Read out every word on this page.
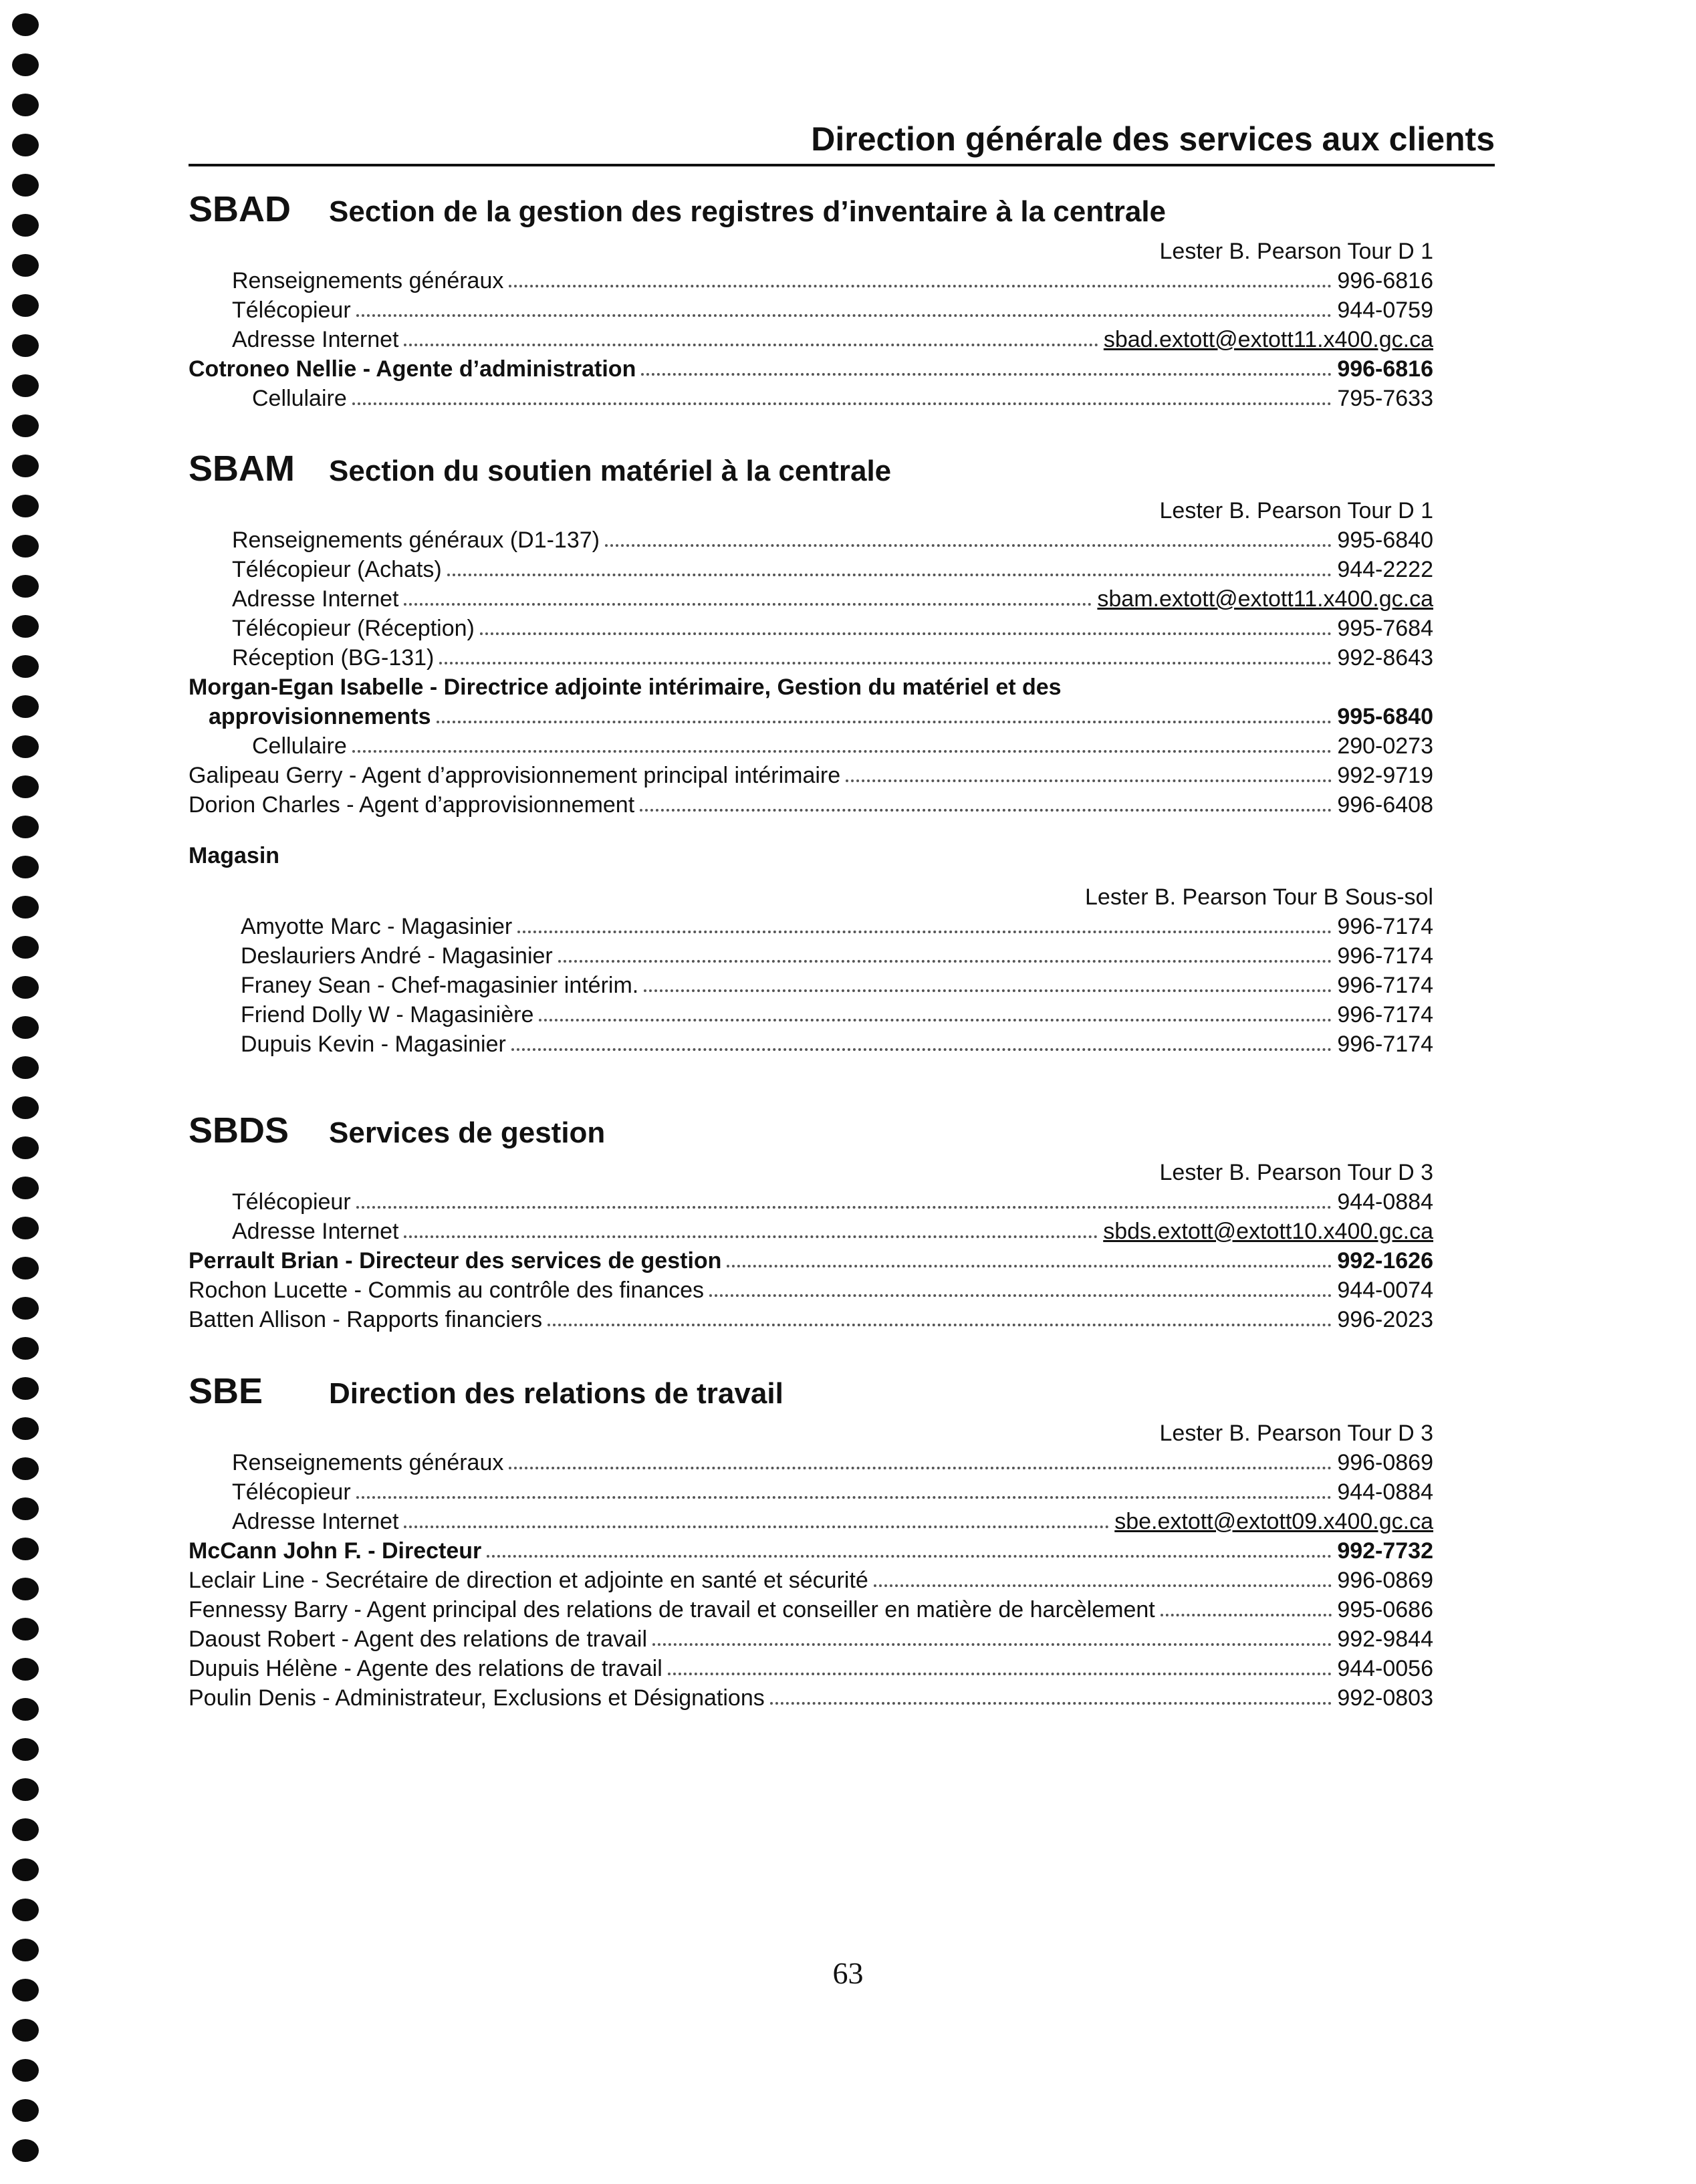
Direction générale des services aux clients
SBAD	Section de la gestion des registres d’inventaire à la centrale
Lester B. Pearson Tour D 1
Renseignements généraux	996-6816
Télécopieur	944-0759
Adresse Internet	sbad.extott@extott11.x400.gc.ca
Cotroneo Nellie - Agente d’administration	996-6816
Cellulaire	795-7633
SBAM	Section du soutien matériel à la centrale
Lester B. Pearson Tour D 1
Renseignements généraux (D1-137)	995-6840
Télécopieur (Achats)	944-2222
Adresse Internet	sbam.extott@extott11.x400.gc.ca
Télécopieur (Réception)	995-7684
Réception (BG-131)	992-8643
Morgan-Egan Isabelle - Directrice adjointe intérimaire, Gestion du matériel et des
approvisionnements	995-6840
Cellulaire	290-0273
Galipeau Gerry - Agent d’approvisionnement principal intérimaire	992-9719
Dorion Charles - Agent d’approvisionnement	996-6408
Magasin
Lester B. Pearson Tour B Sous-sol
Amyotte Marc - Magasinier	996-7174
Deslauriers André - Magasinier	996-7174
Franey Sean - Chef-magasinier intérim.	996-7174
Friend Dolly W - Magasinière	996-7174
Dupuis Kevin - Magasinier	996-7174
SBDS	Services de gestion
Lester B. Pearson Tour D 3
Télécopieur	944-0884
Adresse Internet	sbds.extott@extott10.x400.gc.ca
Perrault Brian - Directeur des services de gestion	992-1626
Rochon Lucette - Commis au contrôle des finances	944-0074
Batten Allison - Rapports financiers	996-2023
SBE	Direction des relations de travail
Lester B. Pearson Tour D 3
Renseignements généraux	996-0869
Télécopieur	944-0884
Adresse Internet	sbe.extott@extott09.x400.gc.ca
McCann John F. - Directeur	992-7732
Leclair Line - Secrétaire de direction et adjointe en santé et sécurité	996-0869
Fennessy Barry - Agent principal des relations de travail et conseiller en matière de harcèlement	995-0686
Daoust Robert - Agent des relations de travail	992-9844
Dupuis Hélène - Agente des relations de travail	944-0056
Poulin Denis - Administrateur, Exclusions et Désignations	992-0803
63
